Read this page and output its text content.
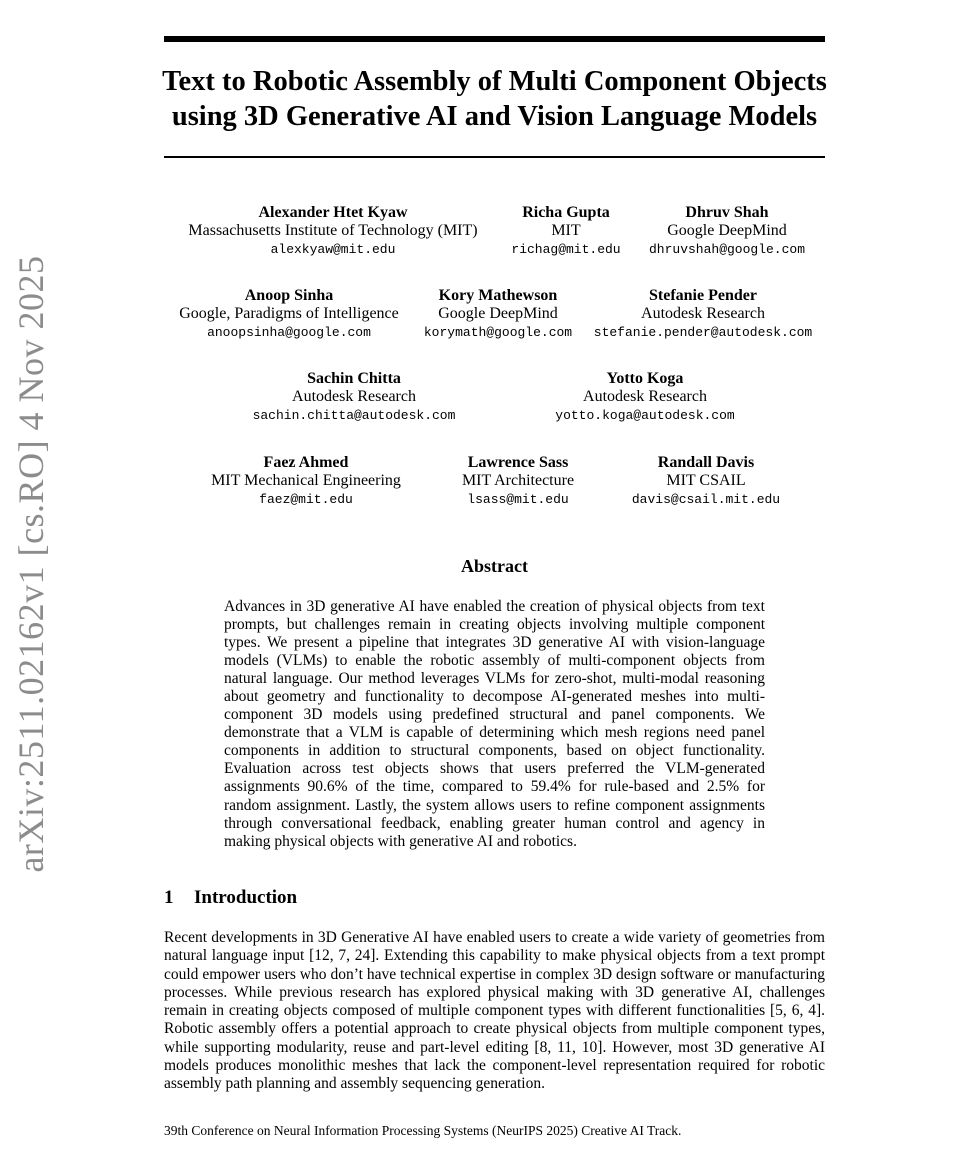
arXiv:2511.02162v1 [cs.RO] 4 Nov 2025
Text to Robotic Assembly of Multi Component Objects
using 3D Generative AI and Vision Language Models
Alexander Htet Kyaw
Massachusetts Institute of Technology (MIT)
alexkyaw@mit.edu
Richa Gupta
MIT
richag@mit.edu
Dhruv Shah
Google DeepMind
dhruvshah@google.com
Anoop Sinha
Google, Paradigms of Intelligence
anoopsinha@google.com
Kory Mathewson
Google DeepMind
korymath@google.com
Stefanie Pender
Autodesk Research
stefanie.pender@autodesk.com
Sachin Chitta
Autodesk Research
sachin.chitta@autodesk.com
Yotto Koga
Autodesk Research
yotto.koga@autodesk.com
Faez Ahmed
MIT Mechanical Engineering
faez@mit.edu
Lawrence Sass
MIT Architecture
lsass@mit.edu
Randall Davis
MIT CSAIL
davis@csail.mit.edu
Abstract
Advances in 3D generative AI have enabled the creation of physical objects from text prompts, but challenges remain in creating objects involving multiple component types. We present a pipeline that integrates 3D generative AI with vision-language models (VLMs) to enable the robotic assembly of multi-component objects from natural language. Our method leverages VLMs for zero-shot, multi-modal reasoning about geometry and functionality to decompose AI-generated meshes into multi-component 3D models using predefined structural and panel components. We demonstrate that a VLM is capable of determining which mesh regions need panel components in addition to structural components, based on object functionality. Evaluation across test objects shows that users preferred the VLM-generated assignments 90.6% of the time, compared to 59.4% for rule-based and 2.5% for random assignment. Lastly, the system allows users to refine component assignments through conversational feedback, enabling greater human control and agency in making physical objects with generative AI and robotics.
1 Introduction
Recent developments in 3D Generative AI have enabled users to create a wide variety of geometries from natural language input [12, 7, 24]. Extending this capability to make physical objects from a text prompt could empower users who don’t have technical expertise in complex 3D design software or manufacturing processes. While previous research has explored physical making with 3D generative AI, challenges remain in creating objects composed of multiple component types with different functionalities [5, 6, 4]. Robotic assembly offers a potential approach to create physical objects from multiple component types, while supporting modularity, reuse and part-level editing [8, 11, 10]. However, most 3D generative AI models produces monolithic meshes that lack the component-level representation required for robotic assembly path planning and assembly sequencing generation.
39th Conference on Neural Information Processing Systems (NeurIPS 2025) Creative AI Track.
